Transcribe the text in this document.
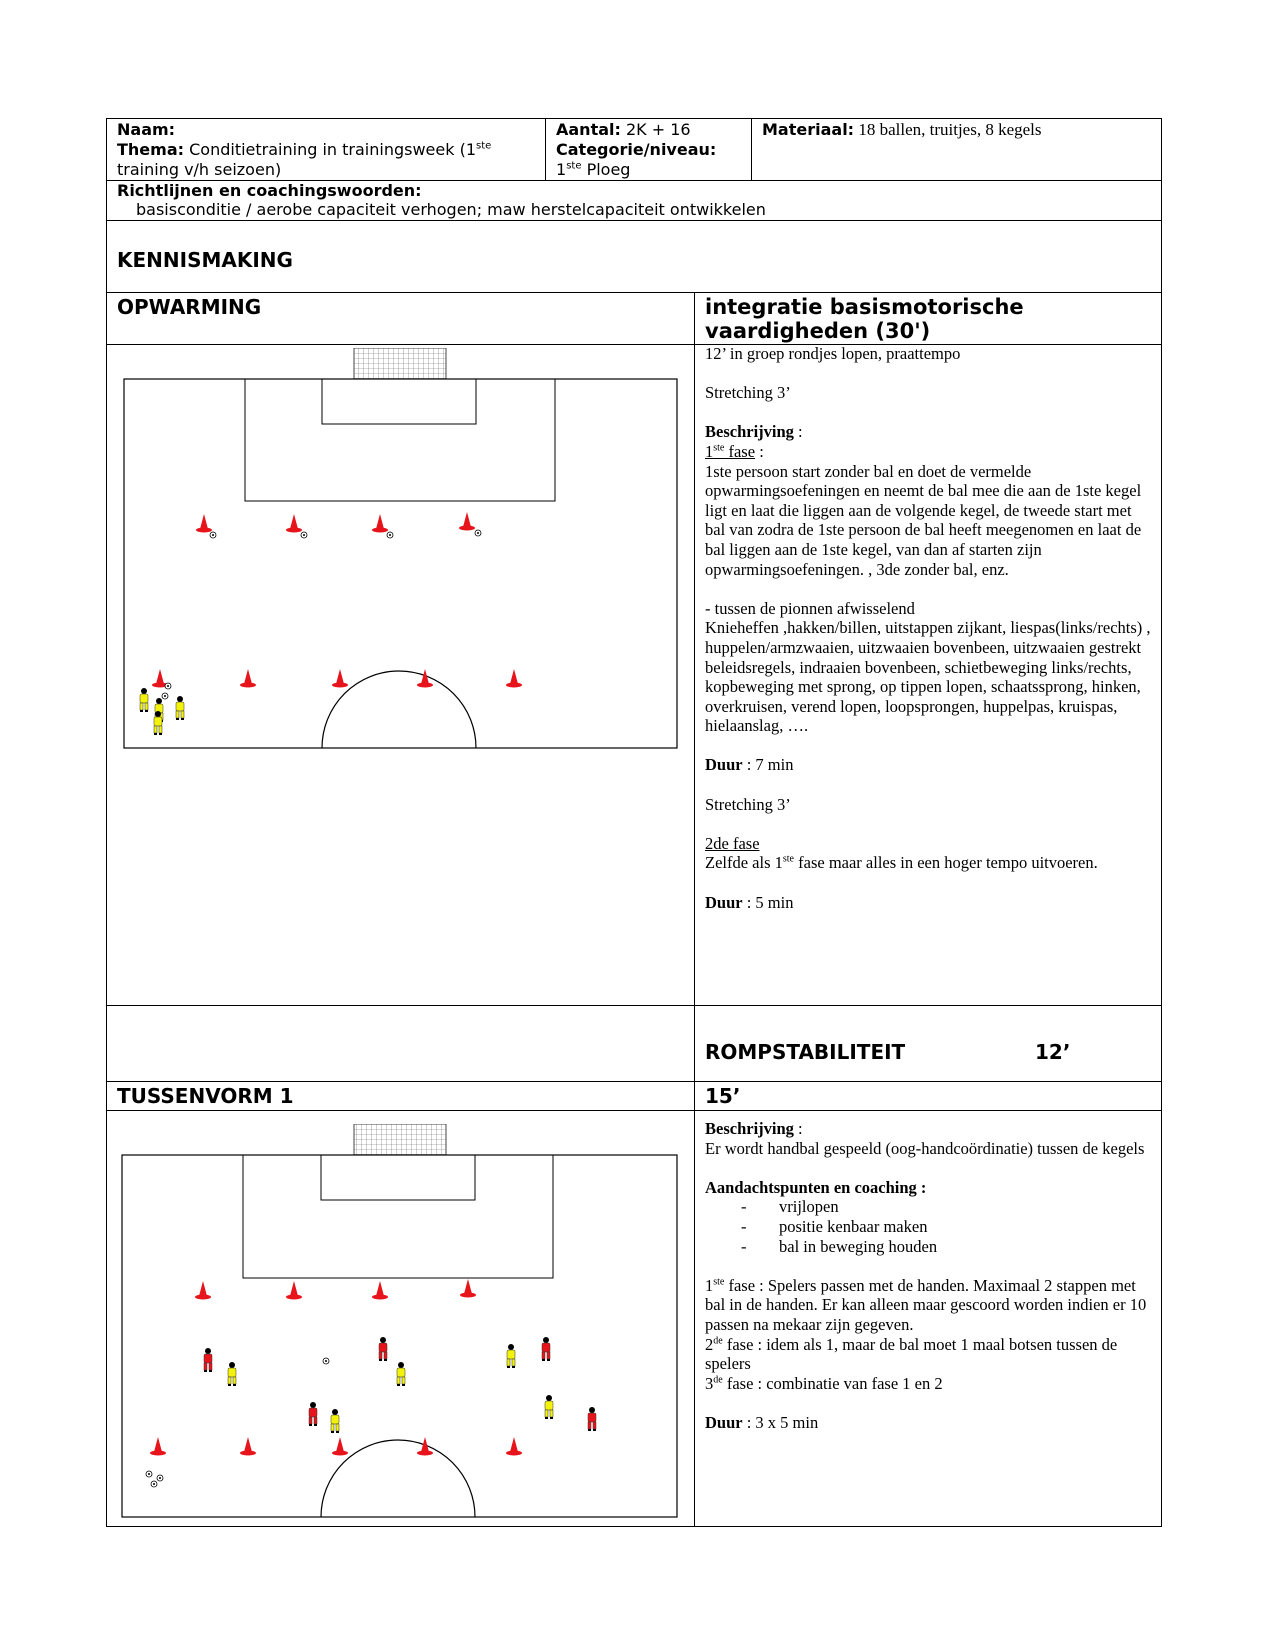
Naam:
Thema: Conditietraining in trainingsweek (1ste
training v/h seizoen)
Aantal: 2K + 16
Categorie/niveau:
1ste Ploeg
Materiaal: 18 ballen, truitjes, 8 kegels
Richtlijnen en coachingswoorden:
basisconditie / aerobe capaciteit verhogen; maw herstelcapaciteit ontwikkelen
KENNISMAKING
OPWARMING	integratie basismotorische
vaardigheden (30')

12’ in groep rondjes lopen, praattempo

Stretching 3’

Beschrijving :

1ste fase :

1ste persoon start zonder bal en doet de vermelde opwarmingsoefeningen en neemt de bal mee die aan de 1ste kegel ligt en laat die liggen aan de volgende kegel, de tweede start met bal van zodra de 1ste persoon de bal heeft meegenomen en laat de bal liggen aan de 1ste kegel, van dan af starten zijn opwarmingsoefeningen. , 3de zonder bal, enz.

- tussen de pionnen afwisselend

Knieheffen ,hakken/billen, uitstappen zijkant, liespas(links/rechts) , huppelen/armzwaaien, uitzwaaien bovenbeen, uitzwaaien gestrekt beleidsregels, indraaien bovenbeen, schietbeweging links/rechts, kopbeweging met sprong, op tippen lopen, schaatssprong, hinken, overkruisen, verend lopen, loopsprongen, huppelpas, kruispas, hielaanslag, ….

Duur : 7 min

Stretching 3’

2de fase

Zelfde als 1ste fase maar alles in een hoger tempo uitvoeren.

Duur : 5 min

ROMPSTABILITEIT	12’
TUSSENVORM 1	15’

Beschrijving :

Er wordt handbal gespeeld (oog-handcoördinatie) tussen de kegels

Aandachtspunten en coaching :

- vrijlopen
- positie kenbaar maken
- bal in beweging houden

1ste fase : Spelers passen met de handen. Maximaal 2 stappen met bal in de handen. Er kan alleen maar gescoord worden indien er 10 passen na mekaar zijn gegeven.

2de fase : idem als 1, maar de bal moet 1 maal botsen tussen de spelers

3de fase : combinatie van fase 1 en 2

Duur : 3 x 5 min
